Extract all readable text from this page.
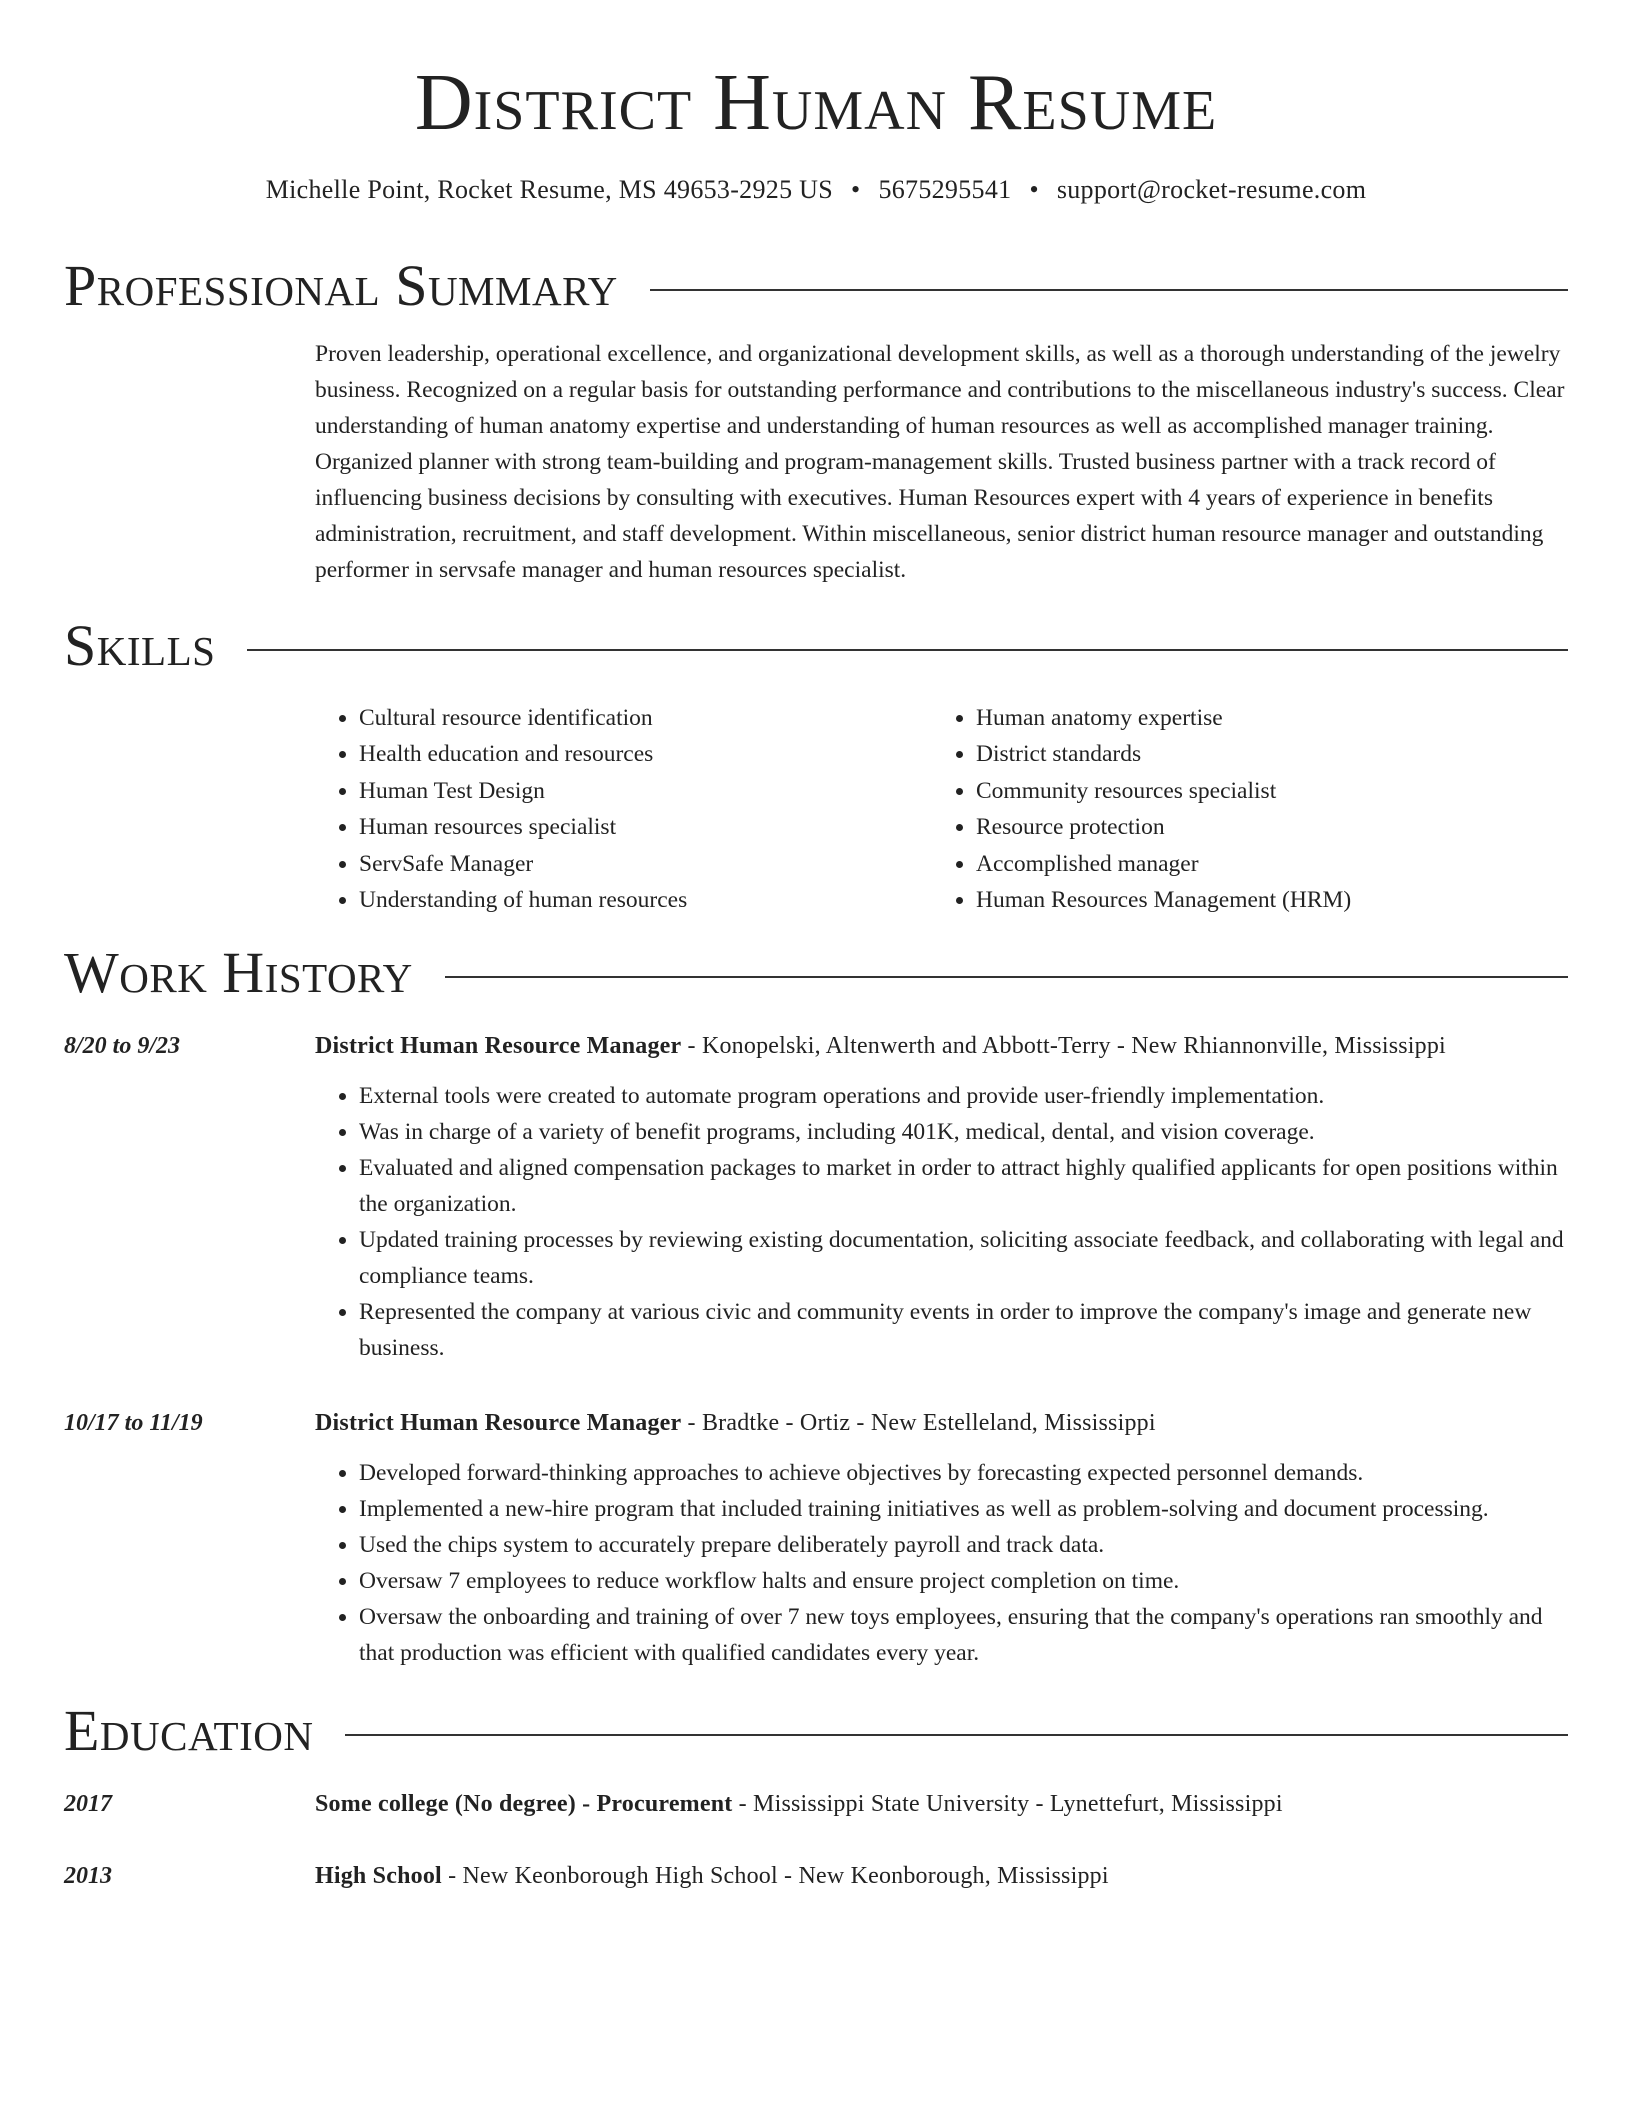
District Human Resume
Michelle Point, Rocket Resume, MS 49653-2925 US • 5675295541 • support@rocket-resume.com
Professional Summary
Proven leadership, operational excellence, and organizational development skills, as well as a thorough understanding of the jewelry business. Recognized on a regular basis for outstanding performance and contributions to the miscellaneous industry's success. Clear understanding of human anatomy expertise and understanding of human resources as well as accomplished manager training. Organized planner with strong team-building and program-management skills. Trusted business partner with a track record of influencing business decisions by consulting with executives. Human Resources expert with 4 years of experience in benefits administration, recruitment, and staff development. Within miscellaneous, senior district human resource manager and outstanding performer in servsafe manager and human resources specialist.
Skills
• Cultural resource identification
• Health education and resources
• Human Test Design
• Human resources specialist
• ServSafe Manager
• Understanding of human resources
• Human anatomy expertise
• District standards
• Community resources specialist
• Resource protection
• Accomplished manager
• Human Resources Management (HRM)
Work History
8/20 to 9/23	District Human Resource Manager - Konopelski, Altenwerth and Abbott-Terry - New Rhiannonville, Mississippi
• External tools were created to automate program operations and provide user-friendly implementation.
• Was in charge of a variety of benefit programs, including 401K, medical, dental, and vision coverage.
• Evaluated and aligned compensation packages to market in order to attract highly qualified applicants for open positions within the organization.
• Updated training processes by reviewing existing documentation, soliciting associate feedback, and collaborating with legal and compliance teams.
• Represented the company at various civic and community events in order to improve the company's image and generate new business.
10/17 to 11/19	District Human Resource Manager - Bradtke - Ortiz - New Estelleland, Mississippi
• Developed forward-thinking approaches to achieve objectives by forecasting expected personnel demands.
• Implemented a new-hire program that included training initiatives as well as problem-solving and document processing.
• Used the chips system to accurately prepare deliberately payroll and track data.
• Oversaw 7 employees to reduce workflow halts and ensure project completion on time.
• Oversaw the onboarding and training of over 7 new toys employees, ensuring that the company's operations ran smoothly and that production was efficient with qualified candidates every year.
Education
2017	Some college (No degree) - Procurement - Mississippi State University - Lynettefurt, Mississippi
2013	High School - New Keonborough High School - New Keonborough, Mississippi
